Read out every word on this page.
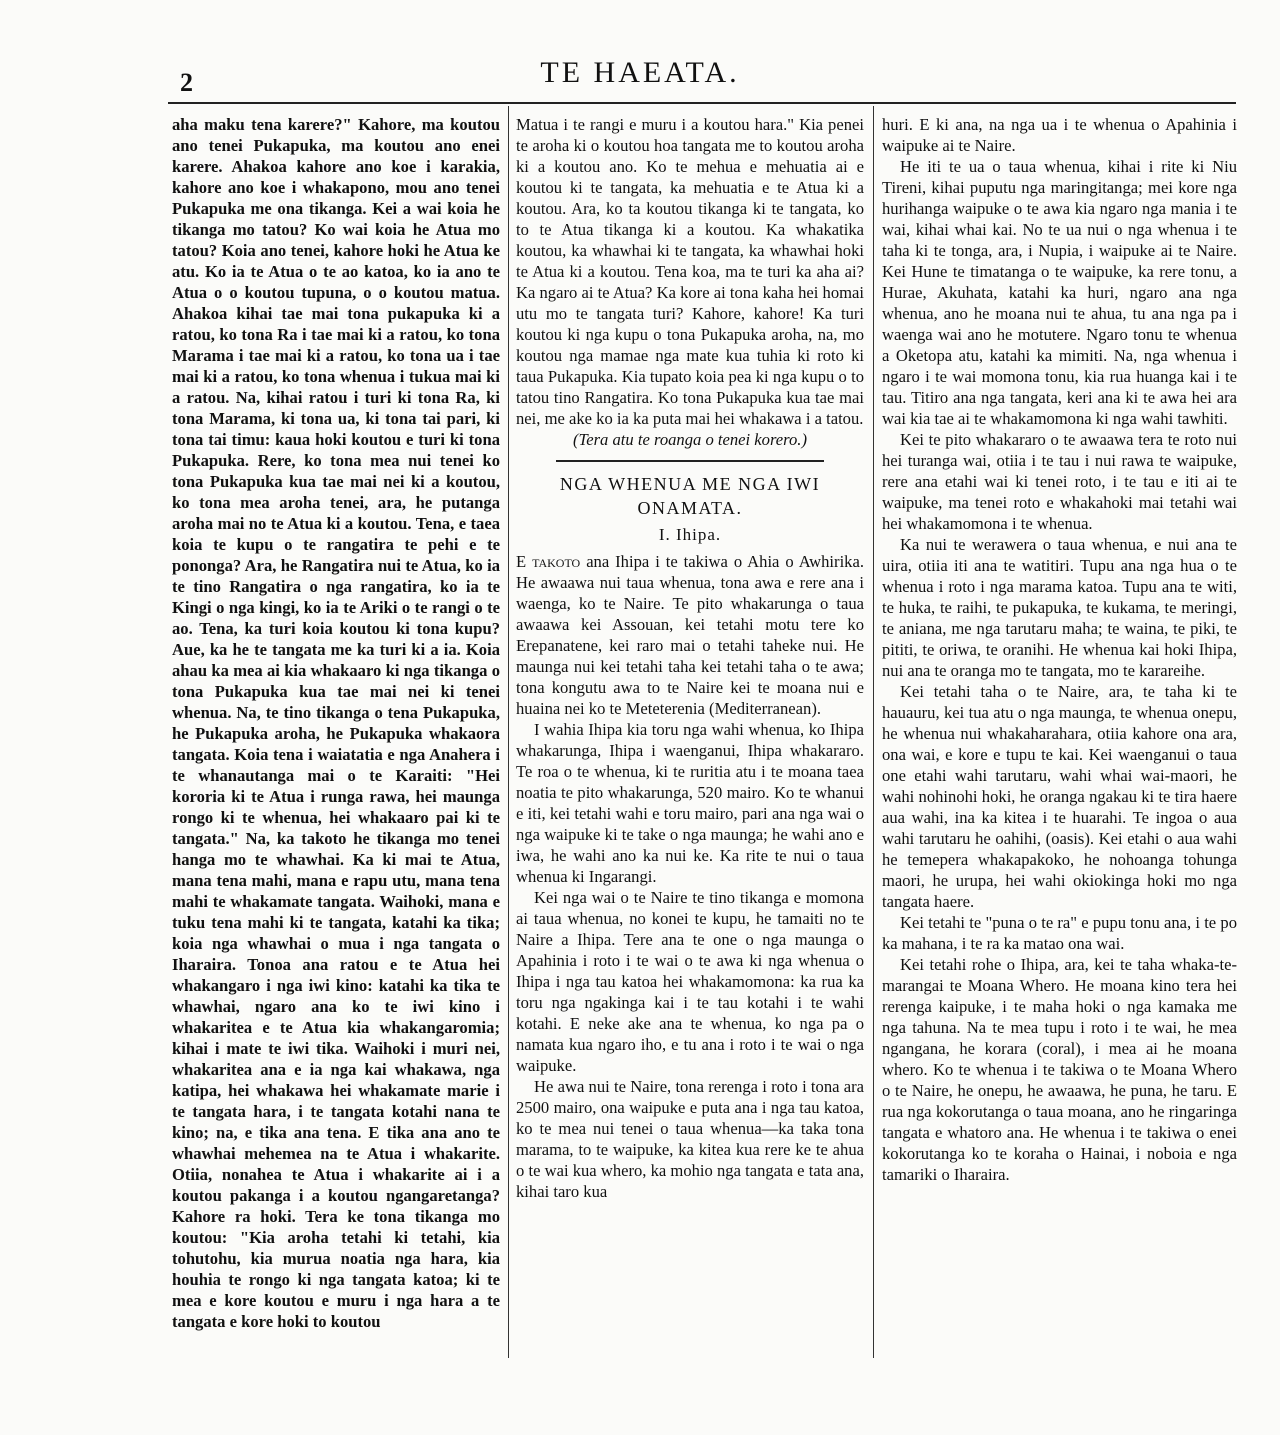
2	TE HAEATA.

aha maku tena karere?" Kahore, ma koutou ano tenei Pukapuka, ma koutou ano enei karere. Ahakoa kahore ano koe i karakia, kahore ano koe i whakapono, mou ano tenei Pukapuka me ona tikanga. Kei a wai koia he tikanga mo tatou? Ko wai koia he Atua mo tatou? Koia ano tenei, kahore hoki he Atua ke atu. Ko ia te Atua o te ao katoa, ko ia ano te Atua o o koutou tupuna, o o koutou matua. Ahakoa kihai tae mai tona pukapuka ki a ratou, ko tona Ra i tae mai ki a ratou, ko tona Marama i tae mai ki a ratou, ko tona ua i tae mai ki a ratou, ko tona whenua i tukua mai ki a ratou. Na, kihai ratou i turi ki tona Ra, ki tona Marama, ki tona ua, ki tona tai pari, ki tona tai timu: kaua hoki koutou e turi ki tona Pukapuka. Rere, ko tona mea nui tenei ko tona Pukapuka kua tae mai nei ki a koutou, ko tona mea aroha tenei, ara, he putanga aroha mai no te Atua ki a koutou. Tena, e taea koia te kupu o te rangatira te pehi e te pononga? Ara, he Rangatira nui te Atua, ko ia te tino Rangatira o nga rangatira, ko ia te Kingi o nga kingi, ko ia te Ariki o te rangi o te ao. Tena, ka turi koia koutou ki tona kupu? Aue, ka he te tangata me ka turi ki a ia. Koia ahau ka mea ai kia whakaaro ki nga tikanga o tona Pukapuka kua tae mai nei ki tenei whenua. Na, te tino tikanga o tena Pukapuka, he Pukapuka aroha, he Pukapuka whakaora tangata. Koia tena i waiatatia e nga Anahera i te whanautanga mai o te Karaiti: "Hei kororia ki te Atua i runga rawa, hei maunga rongo ki te whenua, hei whakaaro pai ki te tangata." Na, ka takoto he tikanga mo tenei hanga mo te whawhai. Ka ki mai te Atua, mana tena mahi, mana e rapu utu, mana tena mahi te whakamate tangata. Waihoki, mana e tuku tena mahi ki te tangata, katahi ka tika; koia nga whawhai o mua i nga tangata o Iharaira. Tonoa ana ratou e te Atua hei whakangaro i nga iwi kino: katahi ka tika te whawhai, ngaro ana ko te iwi kino i whakaritea e te Atua kia whakangaromia; kihai i mate te iwi tika. Waihoki i muri nei, whakaritea ana e ia nga kai whakawa, nga katipa, hei whakawa hei whakamate marie i te tangata hara, i te tangata kotahi nana te kino; na, e tika ana tena. E tika ana ano te whawhai mehemea na te Atua i whakarite. Otiia, nonahea te Atua i whakarite ai i a koutou pakanga i a koutou ngangaretanga? Kahore ra hoki. Tera ke tona tikanga mo koutou: "Kia aroha tetahi ki tetahi, kia tohutohu, kia murua noatia nga hara, kia houhia te rongo ki nga tangata katoa; ki te mea e kore koutou e muru i nga hara a te tangata e kore hoki to koutou

Matua i te rangi e muru i a koutou hara." Kia penei te aroha ki o koutou hoa tangata me to koutou aroha ki a koutou ano. Ko te mehua e mehuatia ai e koutou ki te tangata, ka mehuatia e te Atua ki a koutou. Ara, ko ta koutou tikanga ki te tangata, ko to te Atua tikanga ki a koutou. Ka whakatika koutou, ka whawhai ki te tangata, ka whawhai hoki te Atua ki a koutou. Tena koa, ma te turi ka aha ai? Ka ngaro ai te Atua? Ka kore ai tona kaha hei homai utu mo te tangata turi? Kahore, kahore! Ka turi koutou ki nga kupu o tona Pukapuka aroha, na, mo koutou nga mamae nga mate kua tuhia ki roto ki taua Pukapuka. Kia tupato koia pea ki nga kupu o to tatou tino Rangatira. Ko tona Pukapuka kua tae mai nei, me ake ko ia ka puta mai hei whakawa i a tatou.

(Tera atu te roanga o tenei korero.)

NGA WHENUA ME NGA IWI ONAMATA.
I. Ihipa.

E takoto ana Ihipa i te takiwa o Ahia o Awhirika. He awaawa nui taua whenua, tona awa e rere ana i waenga, ko te Naire. Te pito whakarunga o taua awaawa kei Assouan, kei tetahi motu tere ko Erepanatene, kei raro mai o tetahi taheke nui. He maunga nui kei tetahi taha kei tetahi taha o te awa; tona kongutu awa to te Naire kei te moana nui e huaina nei ko te Meteterenia (Mediterranean).

I wahia Ihipa kia toru nga wahi whenua, ko Ihipa whakarunga, Ihipa i waenganui, Ihipa whakararo. Te roa o te whenua, ki te ruritia atu i te moana taea noatia te pito whakarunga, 520 mairo. Ko te whanui e iti, kei tetahi wahi e toru mairo, pari ana nga wai o nga waipuke ki te take o nga maunga; he wahi ano e iwa, he wahi ano ka nui ke. Ka rite te nui o taua whenua ki Ingarangi.

Kei nga wai o te Naire te tino tikanga e momona ai taua whenua, no konei te kupu, he tamaiti no te Naire a Ihipa. Tere ana te one o nga maunga o Apahinia i roto i te wai o te awa ki nga whenua o Ihipa i nga tau katoa hei whakamomona: ka rua ka toru nga ngakinga kai i te tau kotahi i te wahi kotahi. E neke ake ana te whenua, ko nga pa o namata kua ngaro iho, e tu ana i roto i te wai o nga waipuke.

He awa nui te Naire, tona rerenga i roto i tona ara 2500 mairo, ona waipuke e puta ana i nga tau katoa, ko te mea nui tenei o taua whenua—ka taka tona marama, to te waipuke, ka kitea kua rere ke te ahua o te wai kua whero, ka mohio nga tangata e tata ana, kihai taro kua

huri. E ki ana, na nga ua i te whenua o Apahinia i waipuke ai te Naire.

He iti te ua o taua whenua, kihai i rite ki Niu Tireni, kihai puputu nga maringitanga; mei kore nga hurihanga waipuke o te awa kia ngaro nga mania i te wai, kihai whai kai. No te ua nui o nga whenua i te taha ki te tonga, ara, i Nupia, i waipuke ai te Naire. Kei Hune te timatanga o te waipuke, ka rere tonu, a Hurae, Akuhata, katahi ka huri, ngaro ana nga whenua, ano he moana nui te ahua, tu ana nga pa i waenga wai ano he motutere. Ngaro tonu te whenua a Oketopa atu, katahi ka mimiti. Na, nga whenua i ngaro i te wai momona tonu, kia rua huanga kai i te tau. Titiro ana nga tangata, keri ana ki te awa hei ara wai kia tae ai te whakamomona ki nga wahi tawhiti.

Kei te pito whakararo o te awaawa tera te roto nui hei turanga wai, otiia i te tau i nui rawa te waipuke, rere ana etahi wai ki tenei roto, i te tau e iti ai te waipuke, ma tenei roto e whakahoki mai tetahi wai hei whakamomona i te whenua.

Ka nui te werawera o taua whenua, e nui ana te uira, otiia iti ana te watitiri. Tupu ana nga hua o te whenua i roto i nga marama katoa. Tupu ana te witi, te huka, te raihi, te pukapuka, te kukama, te meringi, te aniana, me nga tarutaru maha; te waina, te piki, te pititi, te oriwa, te oranihi. He whenua kai hoki Ihipa, nui ana te oranga mo te tangata, mo te karareihe.

Kei tetahi taha o te Naire, ara, te taha ki te hauauru, kei tua atu o nga maunga, te whenua onepu, he whenua nui whakaharahara, otiia kahore ona ara, ona wai, e kore e tupu te kai. Kei waenganui o taua one etahi wahi tarutaru, wahi whai wai-maori, he wahi nohinohi hoki, he oranga ngakau ki te tira haere aua wahi, ina ka kitea i te huarahi. Te ingoa o aua wahi tarutaru he oahihi, (oasis). Kei etahi o aua wahi he temepera whakapakoko, he nohoanga tohunga maori, he urupa, hei wahi okiokinga hoki mo nga tangata haere.

Kei tetahi te "puna o te ra" e pupu tonu ana, i te po ka mahana, i te ra ka matao ona wai.

Kei tetahi rohe o Ihipa, ara, kei te taha whaka-te-marangai te Moana Whero. He moana kino tera hei rerenga kaipuke, i te maha hoki o nga kamaka me nga tahuna. Na te mea tupu i roto i te wai, he mea ngangana, he korara (coral), i mea ai he moana whero. Ko te whenua i te takiwa o te Moana Whero o te Naire, he onepu, he awaawa, he puna, he taru. E rua nga kokorutanga o taua moana, ano he ringaringa tangata e whatoro ana. He whenua i te takiwa o enei kokorutanga ko te koraha o Hainai, i noboia e nga tamariki o Iharaira.
